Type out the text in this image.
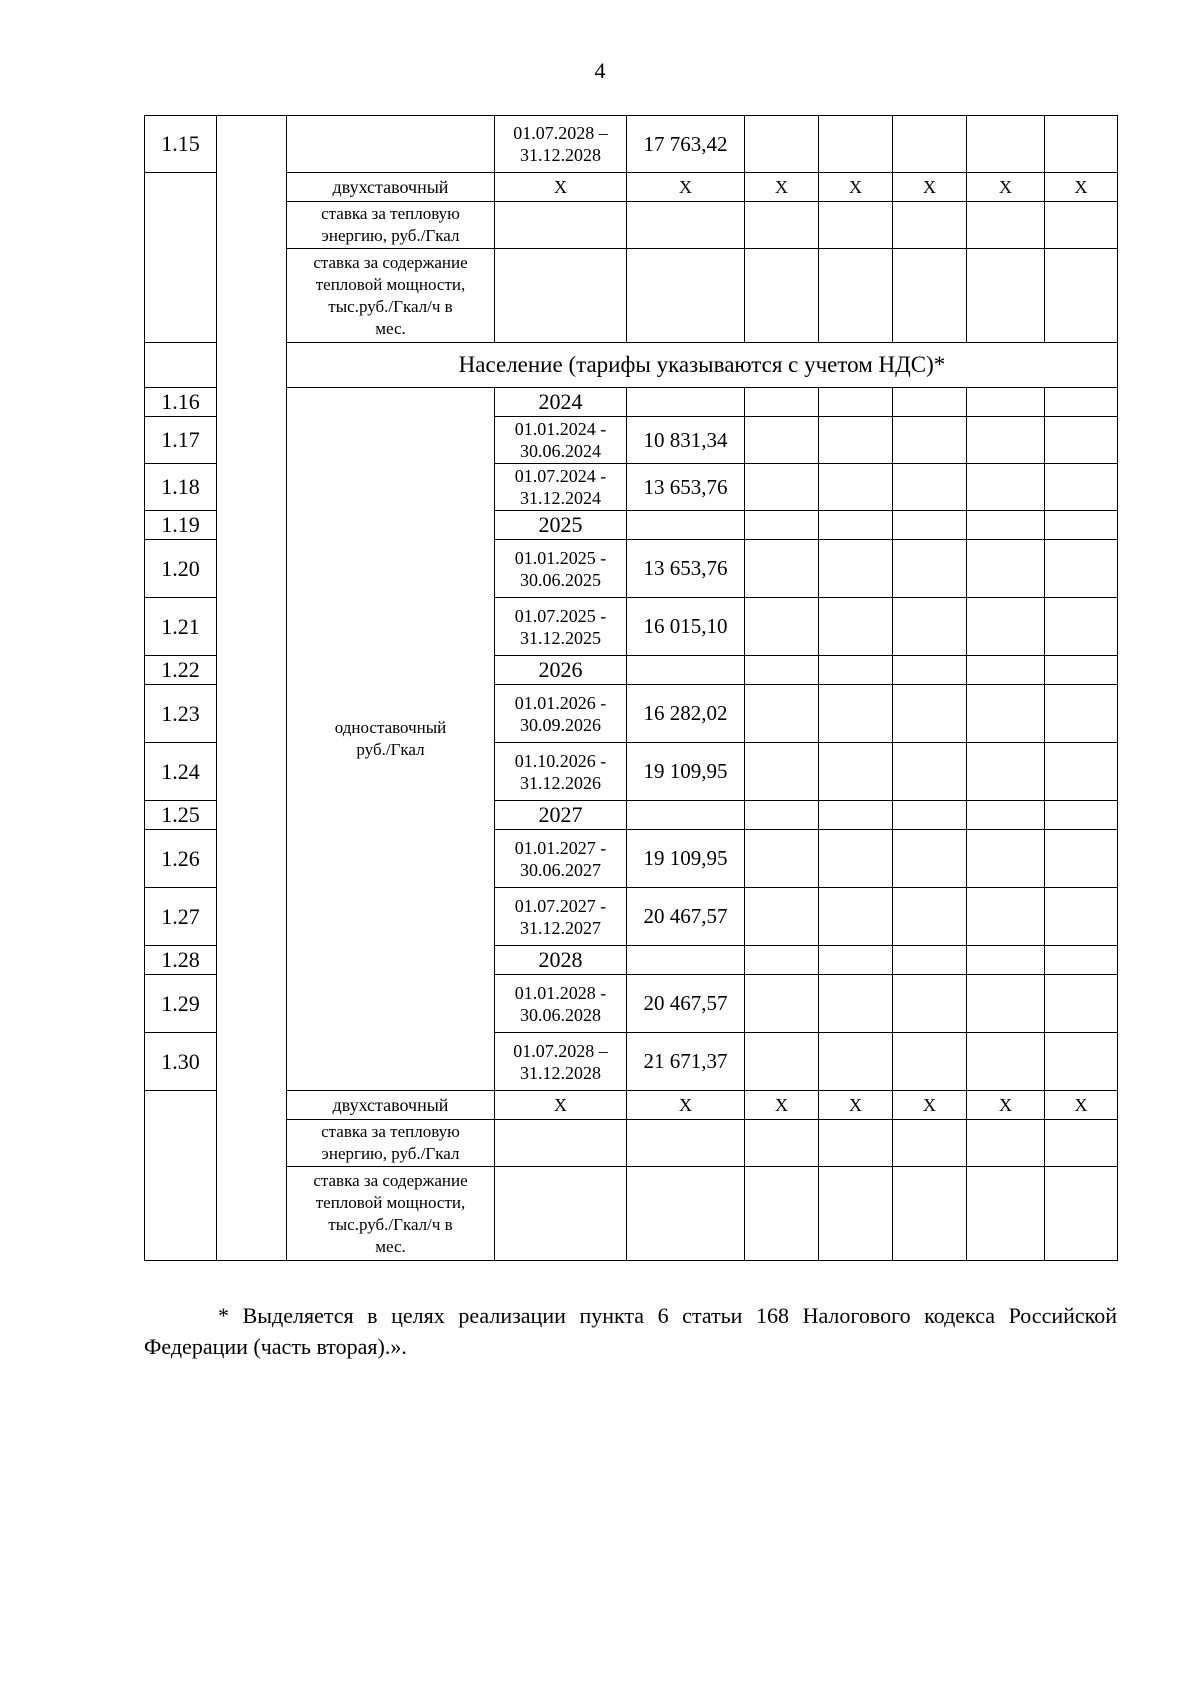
4
1.15			01.07.2028 –
31.12.2028	17 763,42					
		двухставочный	X	X	X	X	X	X	X
		ставка за тепловую
энергию, руб./Гкал							
		ставка за содержание
тепловой мощности,
тыс.руб./Гкал/ч в
мес.							
		Население (тарифы указываются с учетом НДС)*							
1.16		одноставочный
руб./Гкал	2024						
1.17			01.01.2024 -
30.06.2024	10 831,34					
1.18			01.07.2024 -
31.12.2024	13 653,76					
1.19			2025						
1.20			01.01.2025 -
30.06.2025	13 653,76					
1.21			01.07.2025 -
31.12.2025	16 015,10					
1.22			2026						
1.23			01.01.2026 -
30.09.2026	16 282,02					
1.24			01.10.2026 -
31.12.2026	19 109,95					
1.25			2027						
1.26			01.01.2027 -
30.06.2027	19 109,95					
1.27			01.07.2027 -
31.12.2027	20 467,57					
1.28			2028						
1.29			01.01.2028 -
30.06.2028	20 467,57					
1.30			01.07.2028 –
31.12.2028	21 671,37					
		двухставочный	X	X	X	X	X	X	X
		ставка за тепловую
энергию, руб./Гкал							
		ставка за содержание
тепловой мощности,
тыс.руб./Гкал/ч в
мес.							
* Выделяется в целях реализации пункта 6 статьи 168 Налогового кодекса Российской Федерации (часть вторая).».
